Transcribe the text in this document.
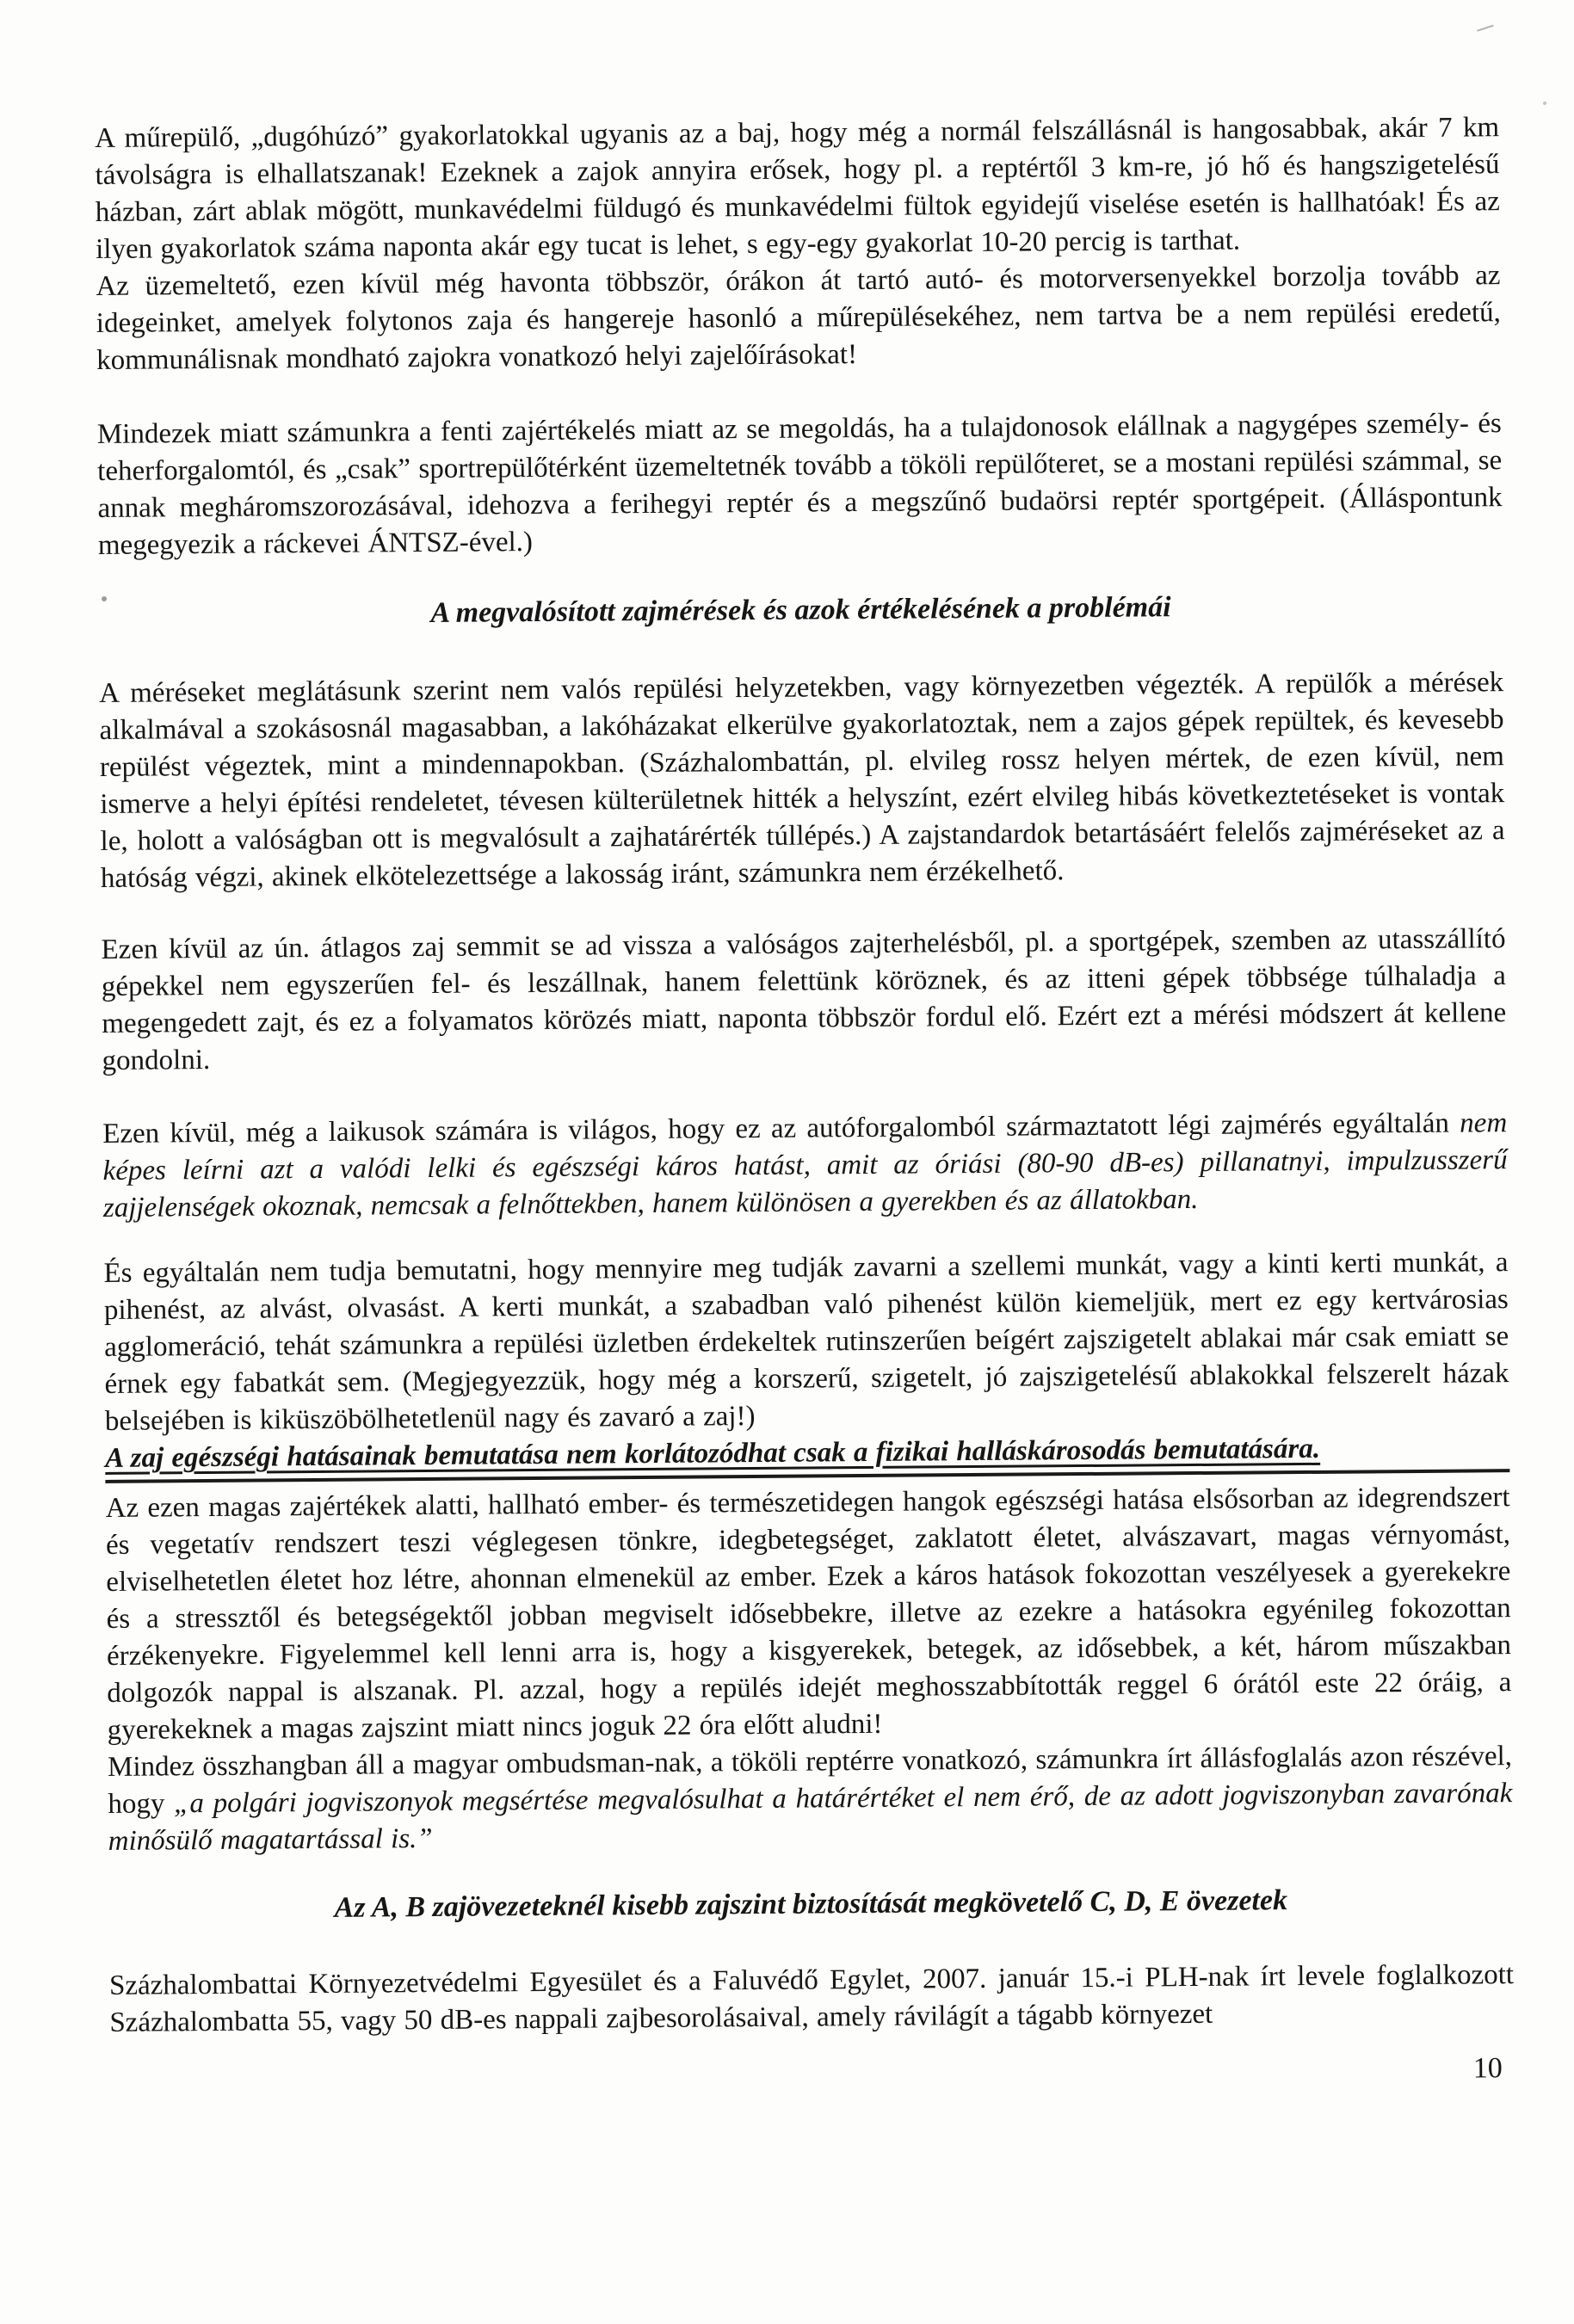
A műrepülő, „dugóhúzó” gyakorlatokkal ugyanis az a baj, hogy még a normál felszállásnál is hangosabbak, akár 7 km távolságra is elhallatszanak! Ezeknek a zajok annyira erősek, hogy pl. a reptértől 3 km-re, jó hő és hangszigetelésű házban, zárt ablak mögött, munkavédelmi füldugó és munkavédelmi fültok egyidejű viselése esetén is hallhatóak! És az ilyen gyakorlatok száma naponta akár egy tucat is lehet, s egy-egy gyakorlat 10-20 percig is tarthat.

Az üzemeltető, ezen kívül még havonta többször, órákon át tartó autó- és motorversenyekkel borzolja tovább az idegeinket, amelyek folytonos zaja és hangereje hasonló a műrepülésekéhez, nem tartva be a nem repülési eredetű, kommunálisnak mondható zajokra vonatkozó helyi zajelőírásokat!

Mindezek miatt számunkra a fenti zajértékelés miatt az se megoldás, ha a tulajdonosok elállnak a nagygépes személy- és teherforgalomtól, és „csak” sportrepülőtérként üzemeltetnék tovább a tököli repülőteret, se a mostani repülési számmal, se annak megháromszorozásával, idehozva a ferihegyi reptér és a megszűnő budaörsi reptér sportgépeit. (Álláspontunk megegyezik a ráckevei ÁNTSZ-ével.)

A megvalósított zajmérések és azok értékelésének a problémái

A méréseket meglátásunk szerint nem valós repülési helyzetekben, vagy környezetben végezték. A repülők a mérések alkalmával a szokásosnál magasabban, a lakóházakat elkerülve gyakorlatoztak, nem a zajos gépek repültek, és kevesebb repülést végeztek, mint a mindennapokban. (Százhalombattán, pl. elvileg rossz helyen mértek, de ezen kívül, nem ismerve a helyi építési rendeletet, tévesen külterületnek hitték a helyszínt, ezért elvileg hibás következtetéseket is vontak le, holott a valóságban ott is megvalósult a zajhatárérték túllépés.) A zajstandardok betartásáért felelős zajméréseket az a hatóság végzi, akinek elkötelezettsége a lakosság iránt, számunkra nem érzékelhető.

Ezen kívül az ún. átlagos zaj semmit se ad vissza a valóságos zajterhelésből, pl. a sportgépek, szemben az utasszállító gépekkel nem egyszerűen fel- és leszállnak, hanem felettünk köröznek, és az itteni gépek többsége túlhaladja a megengedett zajt, és ez a folyamatos körözés miatt, naponta többször fordul elő. Ezért ezt a mérési módszert át kellene gondolni.

Ezen kívül, még a laikusok számára is világos, hogy ez az autóforgalomból származtatott légi zajmérés egyáltalán nem képes leírni azt a valódi lelki és egészségi káros hatást, amit az óriási (80-90 dB-es) pillanatnyi, impulzusszerű zajjelenségek okoznak, nemcsak a felnőttekben, hanem különösen a gyerekben és az állatokban.

És egyáltalán nem tudja bemutatni, hogy mennyire meg tudják zavarni a szellemi munkát, vagy a kinti kerti munkát, a pihenést, az alvást, olvasást. A kerti munkát, a szabadban való pihenést külön kiemeljük, mert ez egy kertvárosias agglomeráció, tehát számunkra a repülési üzletben érdekeltek rutinszerűen beígért zajszigetelt ablakai már csak emiatt se érnek egy fabatkát sem. (Megjegyezzük, hogy még a korszerű, szigetelt, jó zajszigetelésű ablakokkal felszerelt házak belsejében is kiküszöbölhetetlenül nagy és zavaró a zaj!)

A zaj egészségi hatásainak bemutatása nem korlátozódhat csak a fizikai halláskárosodás bemutatására.

Az ezen magas zajértékek alatti, hallható ember- és természetidegen hangok egészségi hatása elsősorban az idegrendszert és vegetatív rendszert teszi véglegesen tönkre, idegbetegséget, zaklatott életet, alvászavart, magas vérnyomást, elviselhetetlen életet hoz létre, ahonnan elmenekül az ember. Ezek a káros hatások fokozottan veszélyesek a gyerekekre és a stressztől és betegségektől jobban megviselt idősebbekre, illetve az ezekre a hatásokra egyénileg fokozottan érzékenyekre. Figyelemmel kell lenni arra is, hogy a kisgyerekek, betegek, az idősebbek, a két, három műszakban dolgozók nappal is alszanak. Pl. azzal, hogy a repülés idejét meghosszabbították reggel 6 órától este 22 óráig, a gyerekeknek a magas zajszint miatt nincs joguk 22 óra előtt aludni!

Mindez összhangban áll a magyar ombudsman-nak, a tököli reptérre vonatkozó, számunkra írt állásfoglalás azon részével, hogy „a polgári jogviszonyok megsértése megvalósulhat a határértéket el nem érő, de az adott jogviszonyban zavarónak minősülő magatartással is.”

Az A, B zajövezeteknél kisebb zajszint biztosítását megkövetelő C, D, E övezetek

Százhalombattai Környezetvédelmi Egyesület és a Faluvédő Egylet, 2007. január 15.-i PLH-nak írt levele foglalkozott Százhalombatta 55, vagy 50 dB-es nappali zajbesorolásaival, amely rávilágít a tágabb környezet

10
